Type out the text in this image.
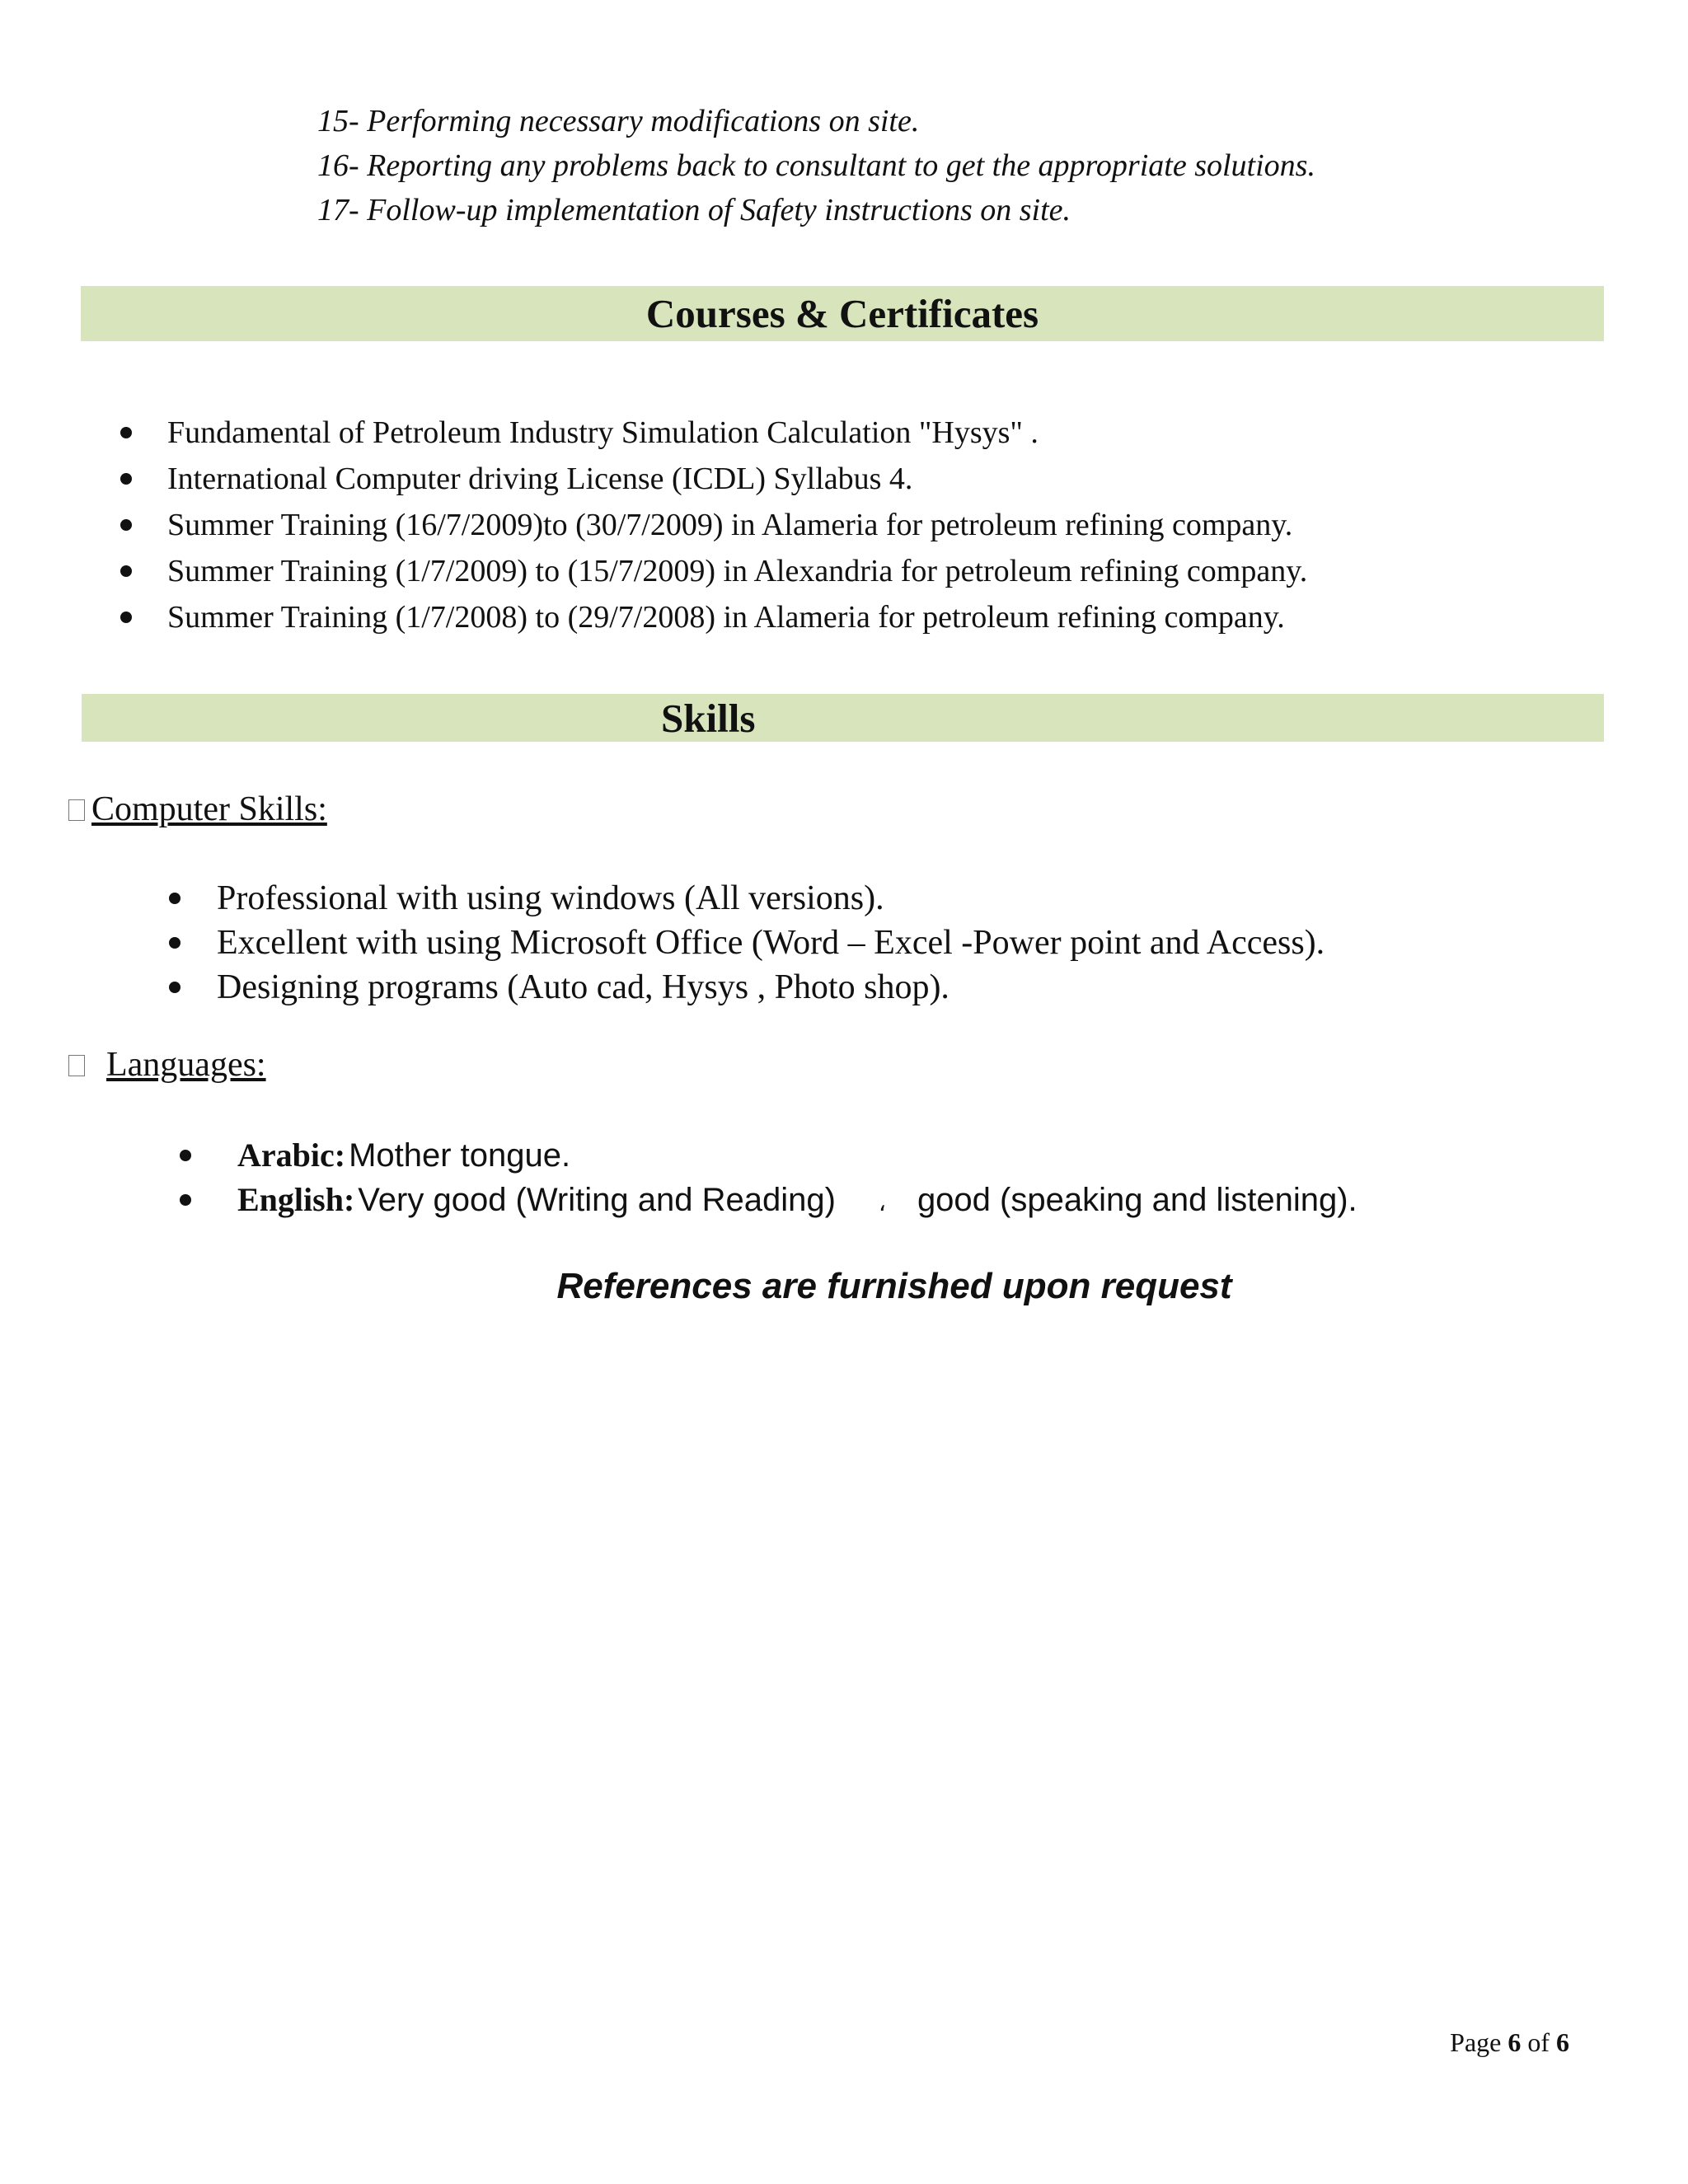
15- Performing necessary modifications on site.
16- Reporting any problems back to consultant to get the appropriate solutions.
17- Follow-up implementation of Safety instructions on site.
Courses & Certificates
Fundamental of Petroleum Industry Simulation Calculation "Hysys" .
International Computer driving License (ICDL) Syllabus 4.
Summer Training (16/7/2009)to (30/7/2009) in Alameria for petroleum refining company.
Summer Training (1/7/2009) to (15/7/2009) in Alexandria for petroleum refining company.
Summer Training (1/7/2008) to (29/7/2008) in Alameria for petroleum refining company.
Skills
Computer Skills:
Professional with using windows (All versions).
Excellent with using Microsoft Office (Word – Excel -Power point and Access).
Designing programs (Auto cad, Hysys , Photo shop).
Languages:
Arabic: Mother tongue.
English: Very good (Writing and Reading) ، good (speaking and listening).
References are furnished upon request
Page 6 of 6
